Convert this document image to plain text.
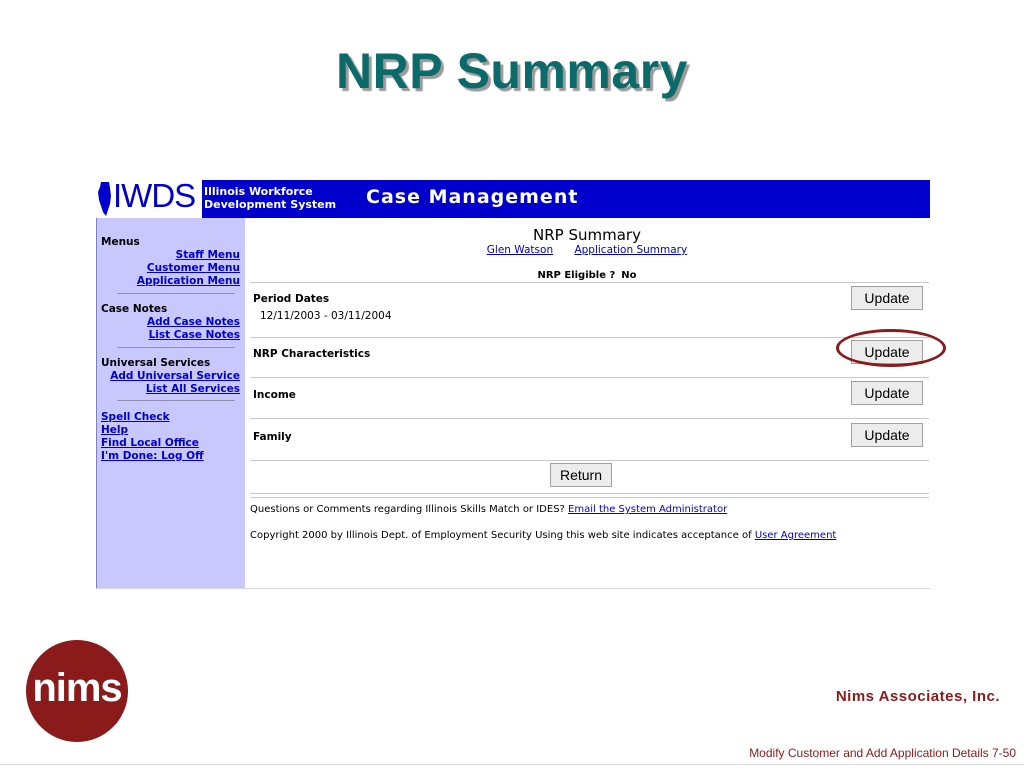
NRP Summary
IWDS Illinois Workforce
Development System Case Management
Menus
Staff Menu
Customer Menu
Application Menu
Case Notes
Add Case Notes
List Case Notes
Universal Services
Add Universal Service
List All Services
Spell Check
Help
Find Local Office
I'm Done: Log Off
NRP Summary
Glen Watson Application Summary
NRP Eligible ? No
Period Dates
12/11/2003 - 03/11/2004
Update
NRP Characteristics	Update
Income	Update
Family	Update
Return
Questions or Comments regarding Illinois Skills Match or IDES? Email the System Administrator
Copyright 2000 by Illinois Dept. of Employment Security Using this web site indicates acceptance of User Agreement
nims	Nims Associates, Inc.
Modify Customer and Add Application Details 7-50
